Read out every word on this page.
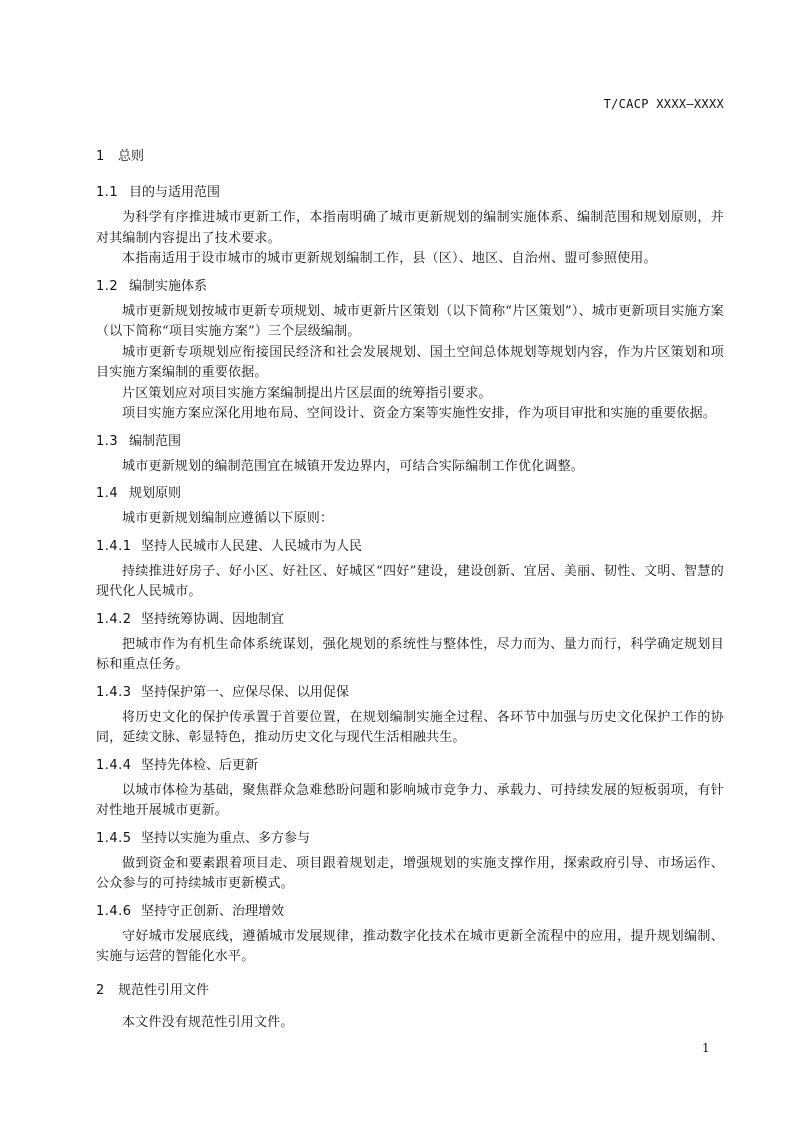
T/CACP XXXX—XXXX
1	总则
1.1 目的与适用范围

为科学有序推进城市更新工作，本指南明确了城市更新规划的编制实施体系、编制范围和规划原则，并对其编制内容提出了技术要求。

本指南适用于设市城市的城市更新规划编制工作，县（区）、地区、自治州、盟可参照使用。

1.2 编制实施体系

城市更新规划按城市更新专项规划、城市更新片区策划（以下简称“片区策划”）、城市更新项目实施方案（以下简称“项目实施方案”）三个层级编制。

城市更新专项规划应衔接国民经济和社会发展规划、国土空间总体规划等规划内容，作为片区策划和项目实施方案编制的重要依据。

片区策划应对项目实施方案编制提出片区层面的统筹指引要求。

项目实施方案应深化用地布局、空间设计、资金方案等实施性安排，作为项目审批和实施的重要依据。

1.3 编制范围

城市更新规划的编制范围宜在城镇开发边界内，可结合实际编制工作优化调整。

1.4 规划原则

城市更新规划编制应遵循以下原则：

1.4.1 坚持人民城市人民建、人民城市为人民

持续推进好房子、好小区、好社区、好城区“四好”建设，建设创新、宜居、美丽、韧性、文明、智慧的现代化人民城市。

1.4.2 坚持统筹协调、因地制宜

把城市作为有机生命体系统谋划，强化规划的系统性与整体性，尽力而为、量力而行，科学确定规划目标和重点任务。

1.4.3 坚持保护第一、应保尽保、以用促保

将历史文化的保护传承置于首要位置，在规划编制实施全过程、各环节中加强与历史文化保护工作的协同，延续文脉、彰显特色，推动历史文化与现代生活相融共生。

1.4.4 坚持先体检、后更新

以城市体检为基础，聚焦群众急难愁盼问题和影响城市竞争力、承载力、可持续发展的短板弱项，有针对性地开展城市更新。

1.4.5 坚持以实施为重点、多方参与

做到资金和要素跟着项目走、项目跟着规划走，增强规划的实施支撑作用，探索政府引导、市场运作、公众参与的可持续城市更新模式。

1.4.6 坚持守正创新、治理增效

守好城市发展底线，遵循城市发展规律，推动数字化技术在城市更新全流程中的应用，提升规划编制、实施与运营的智能化水平。

2	规范性引用文件

本文件没有规范性引用文件。

1
